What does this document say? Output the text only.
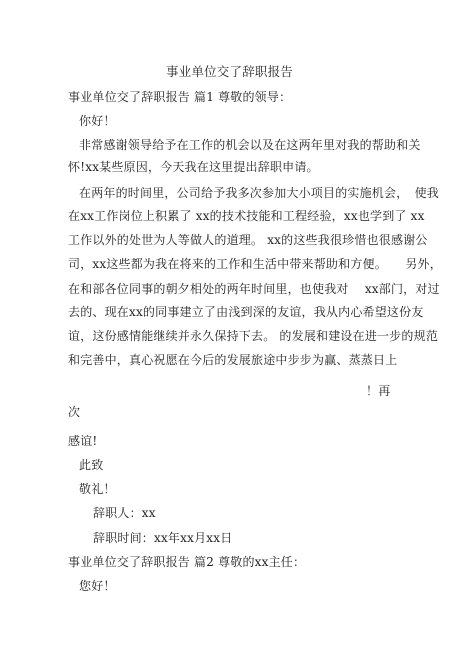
事业单位交了辞职报告
事业单位交了辞职报告 篇1 尊敬的领导：
你好！
非常感谢领导给予在工作的机会以及在这两年里对我的帮助和关
怀!xx某些原因，今天我在这里提出辞职申请。
在两年的时间里，公司给予我多次参加大小项目的实施机会，　使我
在xx工作岗位上积累了 xx的技术技能和工程经验，xx也学到了 xx
工作以外的处世为人等做人的道理。 xx的这些我很珍惜也很感谢公
司，xx这些都为我在将来的工作和生活中带来帮助和方便。　　另外，
在和部各位同事的朝夕相处的两年时间里，也使我对　 xx部门，对过
去的、现在xx的同事建立了由浅到深的友谊，我从内心希望这份友
谊，这份感情能继续并永久保持下去。 的发展和建设在进一步的规范
和完善中，真心祝愿在今后的发展旅途中步步为赢、蒸蒸日上
！再
次
感谊!
此致
敬礼！
辞职人：xx
辞职时间：xx年xx月xx日
事业单位交了辞职报告 篇2 尊敬的xx主任：
您好！
